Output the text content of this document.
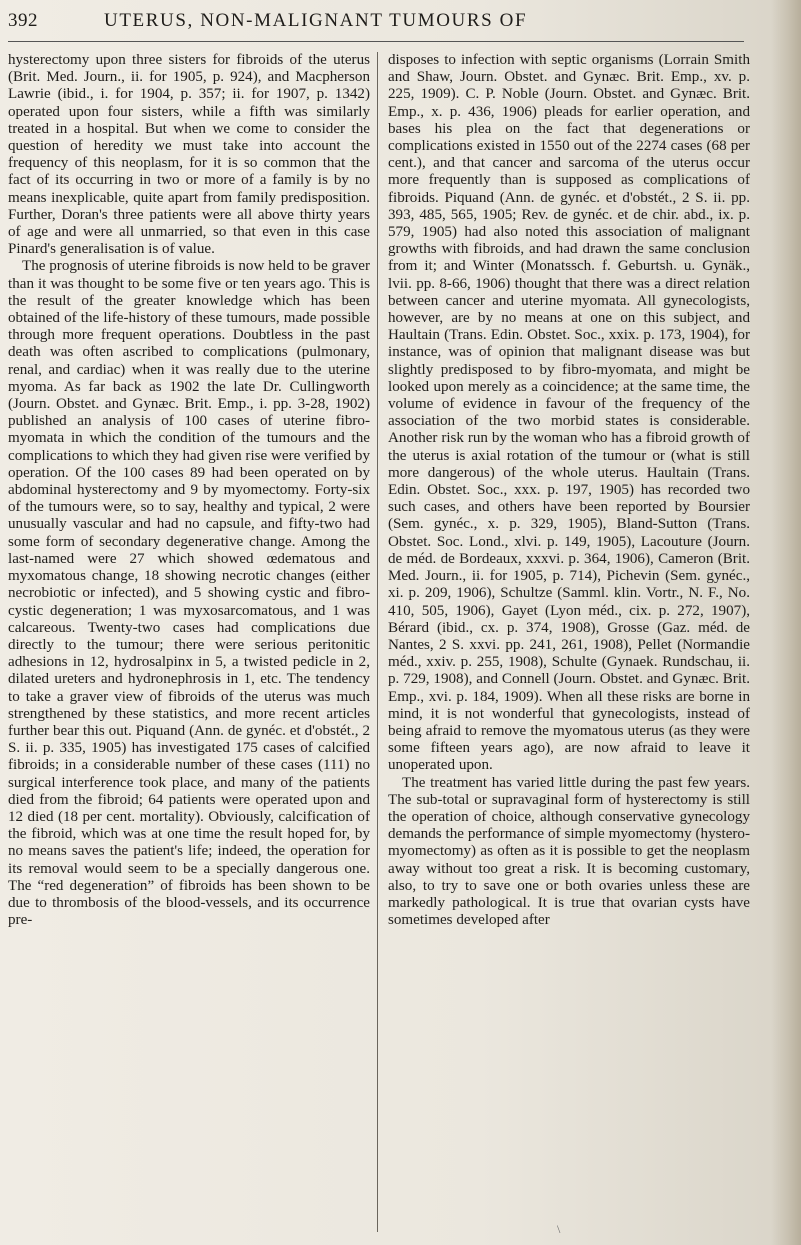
392	UTERUS, NON-MALIGNANT TUMOURS OF

hysterectomy upon three sisters for fibroids of the uterus (Brit. Med. Journ., ii. for 1905, p. 924), and Macpherson Lawrie (ibid., i. for 1904, p. 357; ii. for 1907, p. 1342) operated upon four sisters, while a fifth was similarly treated in a hospital. But when we come to consider the question of heredity we must take into account the frequency of this neoplasm, for it is so common that the fact of its occurring in two or more of a family is by no means inexplicable, quite apart from family predisposition. Further, Doran's three patients were all above thirty years of age and were all unmarried, so that even in this case Pinard's generalisation is of value.

The prognosis of uterine fibroids is now held to be graver than it was thought to be some five or ten years ago. This is the result of the greater knowledge which has been obtained of the life-history of these tumours, made possible through more frequent operations. Doubtless in the past death was often ascribed to complications (pulmonary, renal, and cardiac) when it was really due to the uterine myoma. As far back as 1902 the late Dr. Cullingworth (Journ. Obstet. and Gynæc. Brit. Emp., i. pp. 3-28, 1902) published an analysis of 100 cases of uterine fibro-myomata in which the condition of the tumours and the complications to which they had given rise were verified by operation. Of the 100 cases 89 had been operated on by abdominal hysterectomy and 9 by myomectomy. Forty-six of the tumours were, so to say, healthy and typical, 2 were unusually vascular and had no capsule, and fifty-two had some form of secondary degenerative change. Among the last-named were 27 which showed œdematous and myxomatous change, 18 showing necrotic changes (either necrobiotic or infected), and 5 showing cystic and fibro-cystic degeneration; 1 was myxosarcomatous, and 1 was calcareous. Twenty-two cases had complications due directly to the tumour; there were serious peritonitic adhesions in 12, hydrosalpinx in 5, a twisted pedicle in 2, dilated ureters and hydronephrosis in 1, etc. The tendency to take a graver view of fibroids of the uterus was much strengthened by these statistics, and more recent articles further bear this out. Piquand (Ann. de gynéc. et d'obstét., 2 S. ii. p. 335, 1905) has investigated 175 cases of calcified fibroids; in a considerable number of these cases (111) no surgical interference took place, and many of the patients died from the fibroid; 64 patients were operated upon and 12 died (18 per cent. mortality). Obviously, calcification of the fibroid, which was at one time the result hoped for, by no means saves the patient's life; indeed, the operation for its removal would seem to be a specially dangerous one. The “red degeneration” of fibroids has been shown to be due to thrombosis of the blood-vessels, and its occurrence pre-

disposes to infection with septic organisms (Lorrain Smith and Shaw, Journ. Obstet. and Gynæc. Brit. Emp., xv. p. 225, 1909). C. P. Noble (Journ. Obstet. and Gynæc. Brit. Emp., x. p. 436, 1906) pleads for earlier operation, and bases his plea on the fact that degenerations or complications existed in 1550 out of the 2274 cases (68 per cent.), and that cancer and sarcoma of the uterus occur more frequently than is supposed as complications of fibroids. Piquand (Ann. de gynéc. et d'obstét., 2 S. ii. pp. 393, 485, 565, 1905; Rev. de gynéc. et de chir. abd., ix. p. 579, 1905) had also noted this association of malignant growths with fibroids, and had drawn the same conclusion from it; and Winter (Monatssch. f. Geburtsh. u. Gynäk., lvii. pp. 8-66, 1906) thought that there was a direct relation between cancer and uterine myomata. All gynecologists, however, are by no means at one on this subject, and Haultain (Trans. Edin. Obstet. Soc., xxix. p. 173, 1904), for instance, was of opinion that malignant disease was but slightly predisposed to by fibro-myomata, and might be looked upon merely as a coincidence; at the same time, the volume of evidence in favour of the frequency of the association of the two morbid states is considerable. Another risk run by the woman who has a fibroid growth of the uterus is axial rotation of the tumour or (what is still more dangerous) of the whole uterus. Haultain (Trans. Edin. Obstet. Soc., xxx. p. 197, 1905) has recorded two such cases, and others have been reported by Boursier (Sem. gynéc., x. p. 329, 1905), Bland-Sutton (Trans. Obstet. Soc. Lond., xlvi. p. 149, 1905), Lacouture (Journ. de méd. de Bordeaux, xxxvi. p. 364, 1906), Cameron (Brit. Med. Journ., ii. for 1905, p. 714), Pichevin (Sem. gynéc., xi. p. 209, 1906), Schultze (Samml. klin. Vortr., N. F., No. 410, 505, 1906), Gayet (Lyon méd., cix. p. 272, 1907), Bérard (ibid., cx. p. 374, 1908), Grosse (Gaz. méd. de Nantes, 2 S. xxvi. pp. 241, 261, 1908), Pellet (Normandie méd., xxiv. p. 255, 1908), Schulte (Gynaek. Rundschau, ii. p. 729, 1908), and Connell (Journ. Obstet. and Gynæc. Brit. Emp., xvi. p. 184, 1909). When all these risks are borne in mind, it is not wonderful that gynecologists, instead of being afraid to remove the myomatous uterus (as they were some fifteen years ago), are now afraid to leave it unoperated upon.

The treatment has varied little during the past few years. The sub-total or supravaginal form of hysterectomy is still the operation of choice, although conservative gynecology demands the performance of simple myomectomy (hystero-myomectomy) as often as it is possible to get the neoplasm away without too great a risk. It is becoming customary, also, to try to save one or both ovaries unless these are markedly pathological. It is true that ovarian cysts have sometimes developed after

\
